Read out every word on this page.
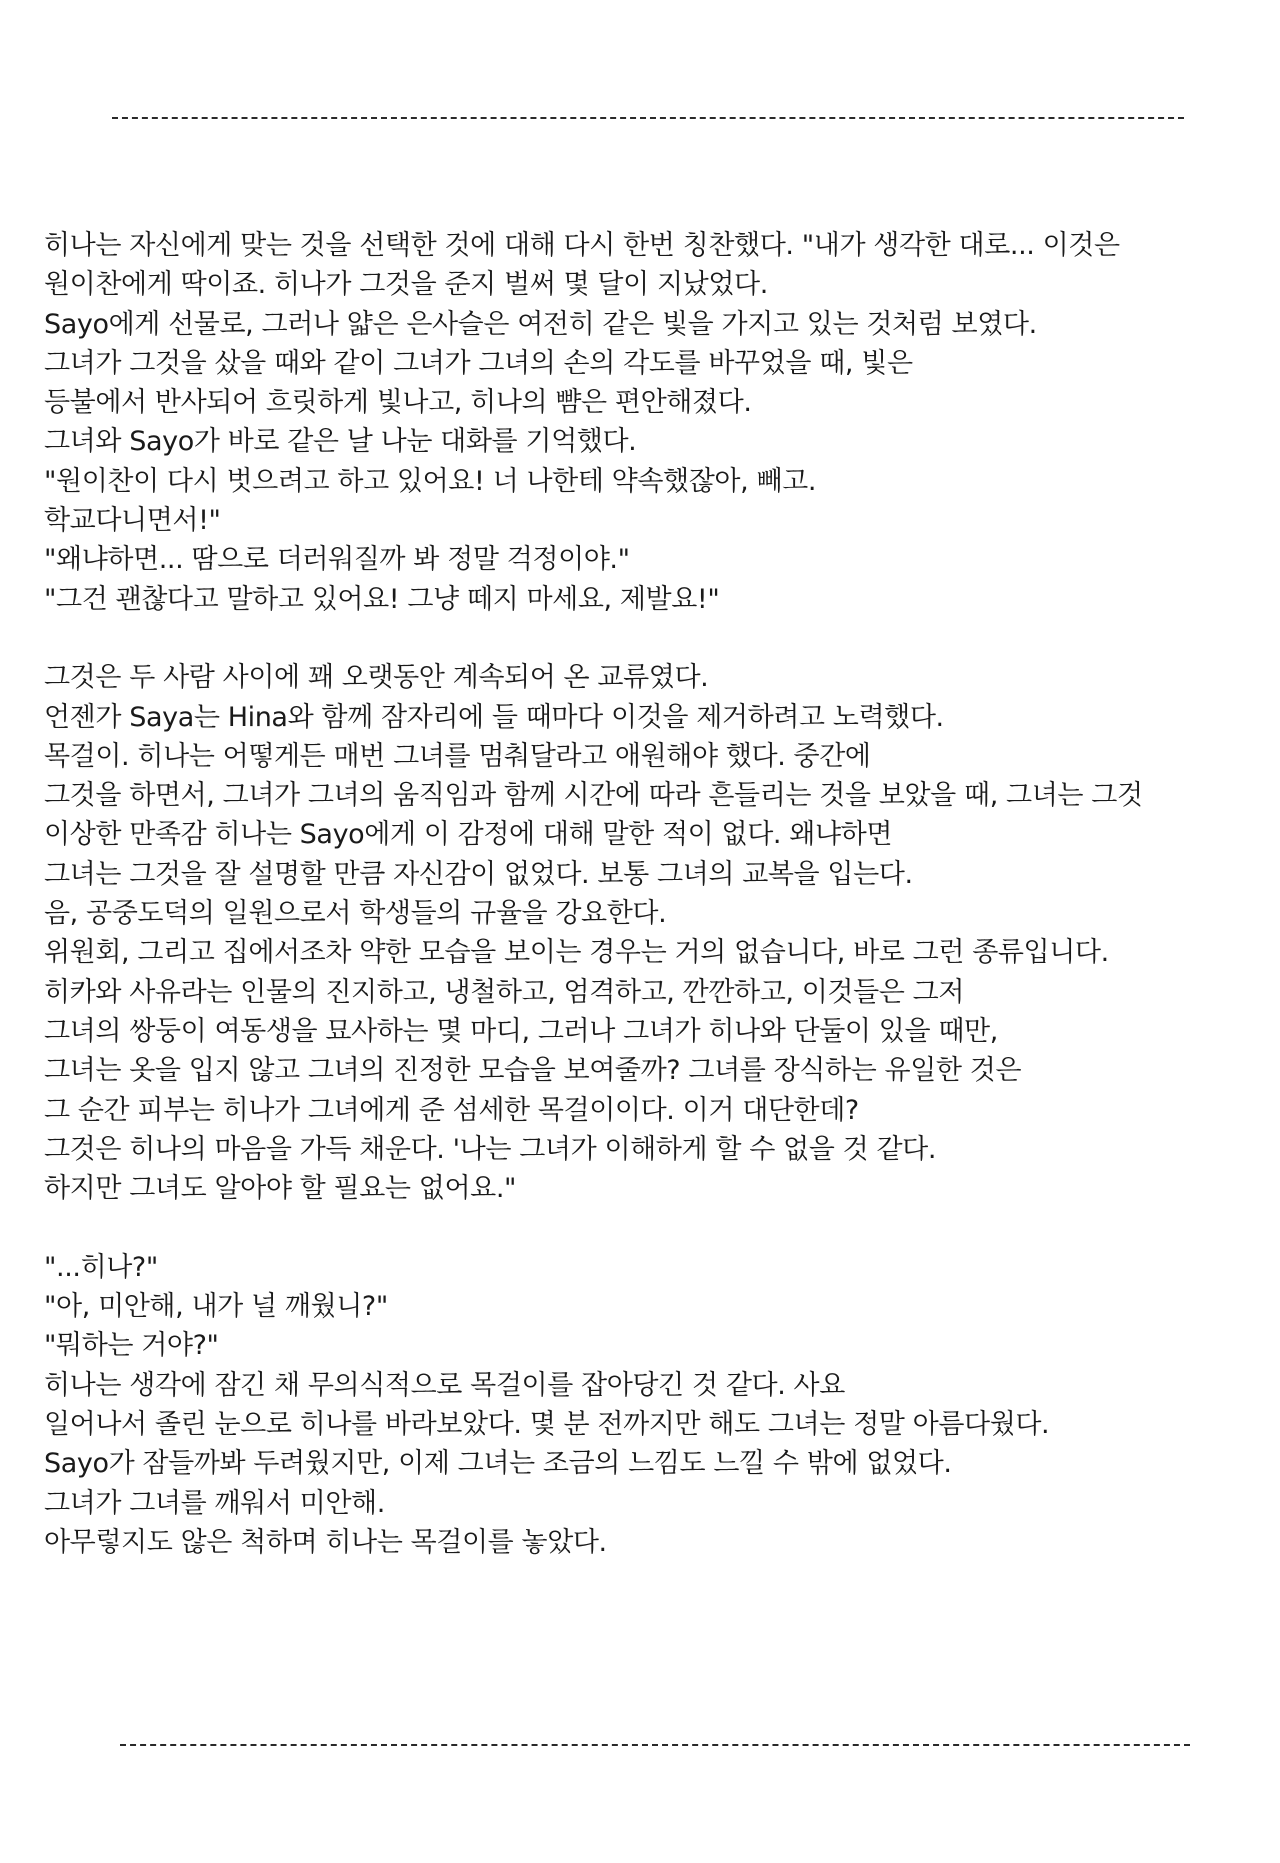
히나는 자신에게 맞는 것을 선택한 것에 대해 다시 한번 칭찬했다. "내가 생각한 대로... 이것은
원이찬에게 딱이죠. 히나가 그것을 준지 벌써 몇 달이 지났었다.
Sayo에게 선물로, 그러나 얇은 은사슬은 여전히 같은 빛을 가지고 있는 것처럼 보였다.
그녀가 그것을 샀을 때와 같이 그녀가 그녀의 손의 각도를 바꾸었을 때, 빛은
등불에서 반사되어 흐릿하게 빛나고, 히나의 뺨은 편안해졌다.
그녀와 Sayo가 바로 같은 날 나눈 대화를 기억했다.
"원이찬이 다시 벗으려고 하고 있어요! 너 나한테 약속했잖아, 빼고.
학교다니면서!"
"왜냐하면... 땀으로 더러워질까 봐 정말 걱정이야."
"그건 괜찮다고 말하고 있어요! 그냥 떼지 마세요, 제발요!"
그것은 두 사람 사이에 꽤 오랫동안 계속되어 온 교류였다.
언젠가 Saya는 Hina와 함께 잠자리에 들 때마다 이것을 제거하려고 노력했다.
목걸이. 히나는 어떻게든 매번 그녀를 멈춰달라고 애원해야 했다. 중간에
그것을 하면서, 그녀가 그녀의 움직임과 함께 시간에 따라 흔들리는 것을 보았을 때, 그녀는 그것
이상한 만족감 히나는 Sayo에게 이 감정에 대해 말한 적이 없다. 왜냐하면
그녀는 그것을 잘 설명할 만큼 자신감이 없었다. 보통 그녀의 교복을 입는다.
음, 공중도덕의 일원으로서 학생들의 규율을 강요한다.
위원회, 그리고 집에서조차 약한 모습을 보이는 경우는 거의 없습니다, 바로 그런 종류입니다.
히카와 사유라는 인물의 진지하고, 냉철하고, 엄격하고, 깐깐하고, 이것들은 그저
그녀의 쌍둥이 여동생을 묘사하는 몇 마디, 그러나 그녀가 히나와 단둘이 있을 때만,
그녀는 옷을 입지 않고 그녀의 진정한 모습을 보여줄까? 그녀를 장식하는 유일한 것은
그 순간 피부는 히나가 그녀에게 준 섬세한 목걸이이다. 이거 대단한데?
그것은 히나의 마음을 가득 채운다. '나는 그녀가 이해하게 할 수 없을 것 같다.
하지만 그녀도 알아야 할 필요는 없어요."
"...히나?"
"아, 미안해, 내가 널 깨웠니?"
"뭐하는 거야?"
히나는 생각에 잠긴 채 무의식적으로 목걸이를 잡아당긴 것 같다. 사요
일어나서 졸린 눈으로 히나를 바라보았다. 몇 분 전까지만 해도 그녀는 정말 아름다웠다.
Sayo가 잠들까봐 두려웠지만, 이제 그녀는 조금의 느낌도 느낄 수 밖에 없었다.
그녀가 그녀를 깨워서 미안해.
아무렇지도 않은 척하며 히나는 목걸이를 놓았다.
